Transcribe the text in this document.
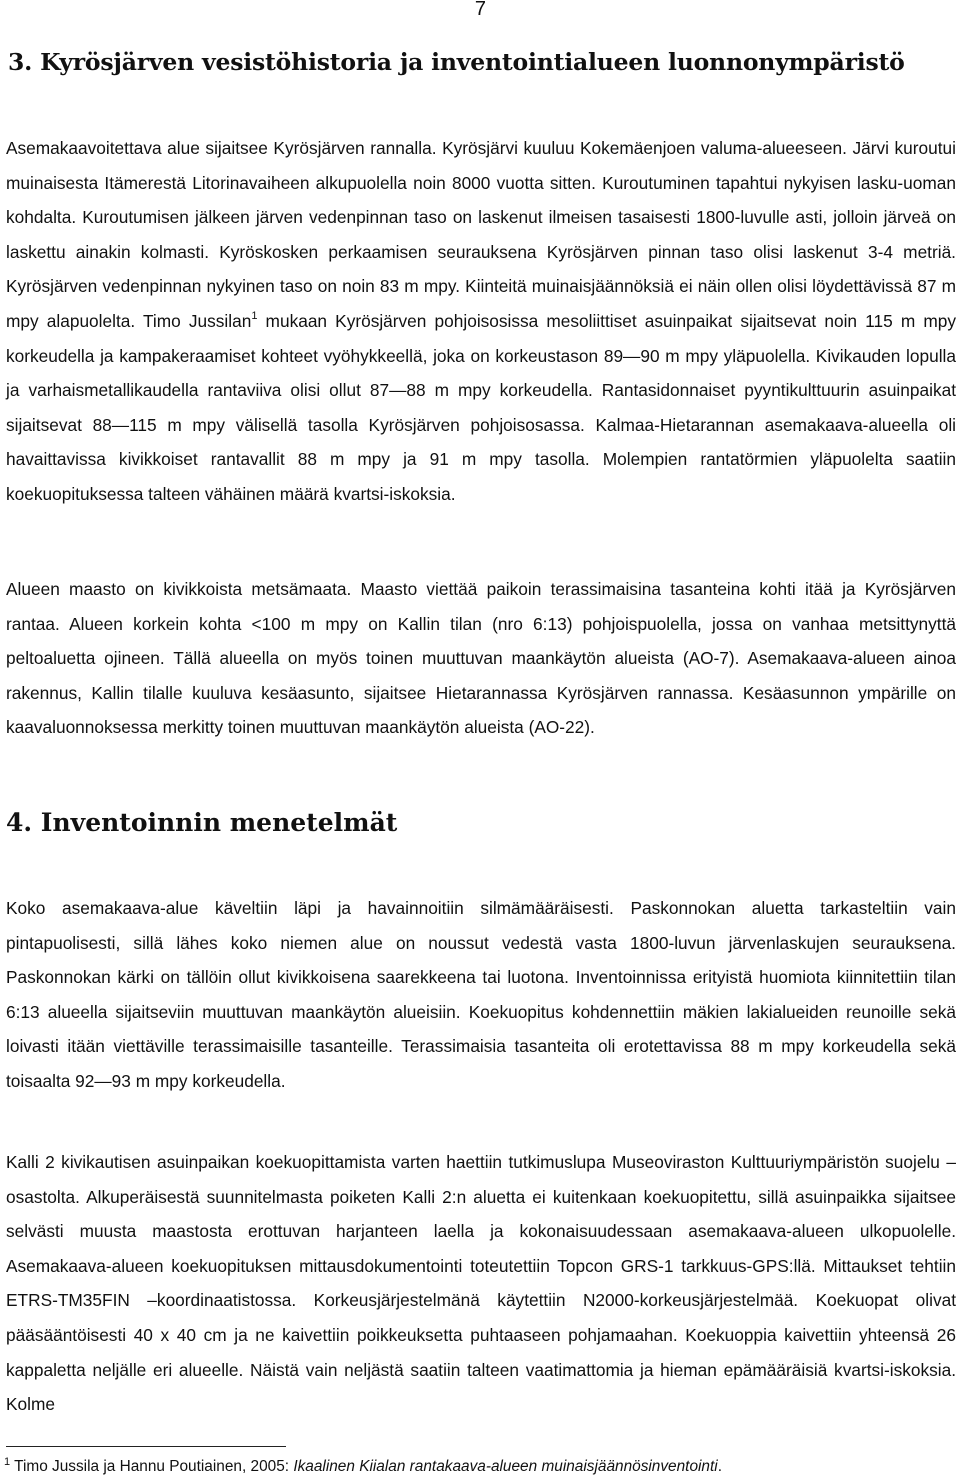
7
3. Kyrösjärven vesistöhistoria ja inventointialueen luonnonympäristö

Asemakaavoitettava alue sijaitsee Kyrösjärven rannalla. Kyrösjärvi kuuluu Kokemäenjoen valuma-alueeseen. Järvi kuroutui muinaisesta Itämerestä Litorinavaiheen alkupuolella noin 8000 vuotta sitten. Kuroutuminen tapahtui nykyisen lasku-uoman kohdalta. Kuroutumisen jälkeen järven vedenpinnan taso on laskenut ilmeisen tasaisesti 1800-luvulle asti, jolloin järveä on laskettu ainakin kolmasti. Kyröskosken perkaamisen seurauksena Kyrösjärven pinnan taso olisi laskenut 3-4 metriä. Kyrösjärven vedenpinnan nykyinen taso on noin 83 m mpy. Kiinteitä muinaisjäännöksiä ei näin ollen olisi löydettävissä 87 m mpy alapuolelta. Timo Jussilan$^1$ mukaan Kyrösjärven pohjoisosissa mesoliittiset asuinpaikat sijaitsevat noin 115 m mpy korkeudella ja kampakeraamiset kohteet vyöhykkeellä, joka on korkeustason 89—90 m mpy yläpuolella. Kivikauden lopulla ja varhaismetallikaudella rantaviiva olisi ollut 87—88 m mpy korkeudella. Rantasidonnaiset pyyntikulttuurin asuinpaikat sijaitsevat 88—115 m mpy välisellä tasolla Kyrösjärven pohjoisosassa. Kalmaa-Hietarannan asemakaava-alueella oli havaittavissa kivikkoiset rantavallit 88 m mpy ja 91 m mpy tasolla. Molempien rantatörmien yläpuolelta saatiin koekuopituksessa talteen vähäinen määrä kvartsi-iskoksia.

Alueen maasto on kivikkoista metsämaata. Maasto viettää paikoin terassimaisina tasanteina kohti itää ja Kyrösjärven rantaa. Alueen korkein kohta <100 m mpy on Kallin tilan (nro 6:13) pohjoispuolella, jossa on vanhaa metsittynyttä peltoaluetta ojineen. Tällä alueella on myös toinen muuttuvan maankäytön alueista (AO-7). Asemakaava-alueen ainoa rakennus, Kallin tilalle kuuluva kesäasunto, sijaitsee Hietarannassa Kyrösjärven rannassa. Kesäasunnon ympärille on kaavaluonnoksessa merkitty toinen muuttuvan maankäytön alueista (AO-22).

4. Inventoinnin menetelmät

Koko asemakaava-alue käveltiin läpi ja havainnoitiin silmämääräisesti. Paskonnokan aluetta tarkasteltiin vain pintapuolisesti, sillä lähes koko niemen alue on noussut vedestä vasta 1800-luvun järvenlaskujen seurauksena. Paskonnokan kärki on tällöin ollut kivikkoisena saarekkeena tai luotona. Inventoinnissa erityistä huomiota kiinnitettiin tilan 6:13 alueella sijaitseviin muuttuvan maankäytön alueisiin. Koekuopitus kohdennettiin mäkien lakialueiden reunoille sekä loivasti itään viettäville terassimaisille tasanteille. Terassimaisia tasanteita oli erotettavissa 88 m mpy korkeudella sekä toisaalta 92—93 m mpy korkeudella.

Kalli 2 kivikautisen asuinpaikan koekuopittamista varten haettiin tutkimuslupa Museoviraston Kulttuuriympäristön suojelu –osastolta. Alkuperäisestä suunnitelmasta poiketen Kalli 2:n aluetta ei kuitenkaan koekuopitettu, sillä asuinpaikka sijaitsee selvästi muusta maastosta erottuvan harjanteen laella ja kokonaisuudessaan asemakaava-alueen ulkopuolelle. Asemakaava-alueen koekuopituksen mittausdokumentointi toteutettiin Topcon GRS-1 tarkkuus-GPS:llä. Mittaukset tehtiin ETRS-TM35FIN –koordinaatistossa. Korkeusjärjestelmänä käytettiin N2000-korkeusjärjestelmää. Koekuopat olivat pääsääntöisesti 40 x 40 cm ja ne kaivettiin poikkeuksetta puhtaaseen pohjamaahan. Koekuoppia kaivettiin yhteensä 26 kappaletta neljälle eri alueelle. Näistä vain neljästä saatiin talteen vaatimattomia ja hieman epämääräisiä kvartsi-iskoksia. Kolme

$^1$ Timo Jussila ja Hannu Poutiainen, 2005: Ikaalinen Kiialan rantakaava-alueen muinaisjäännösinventointi.
